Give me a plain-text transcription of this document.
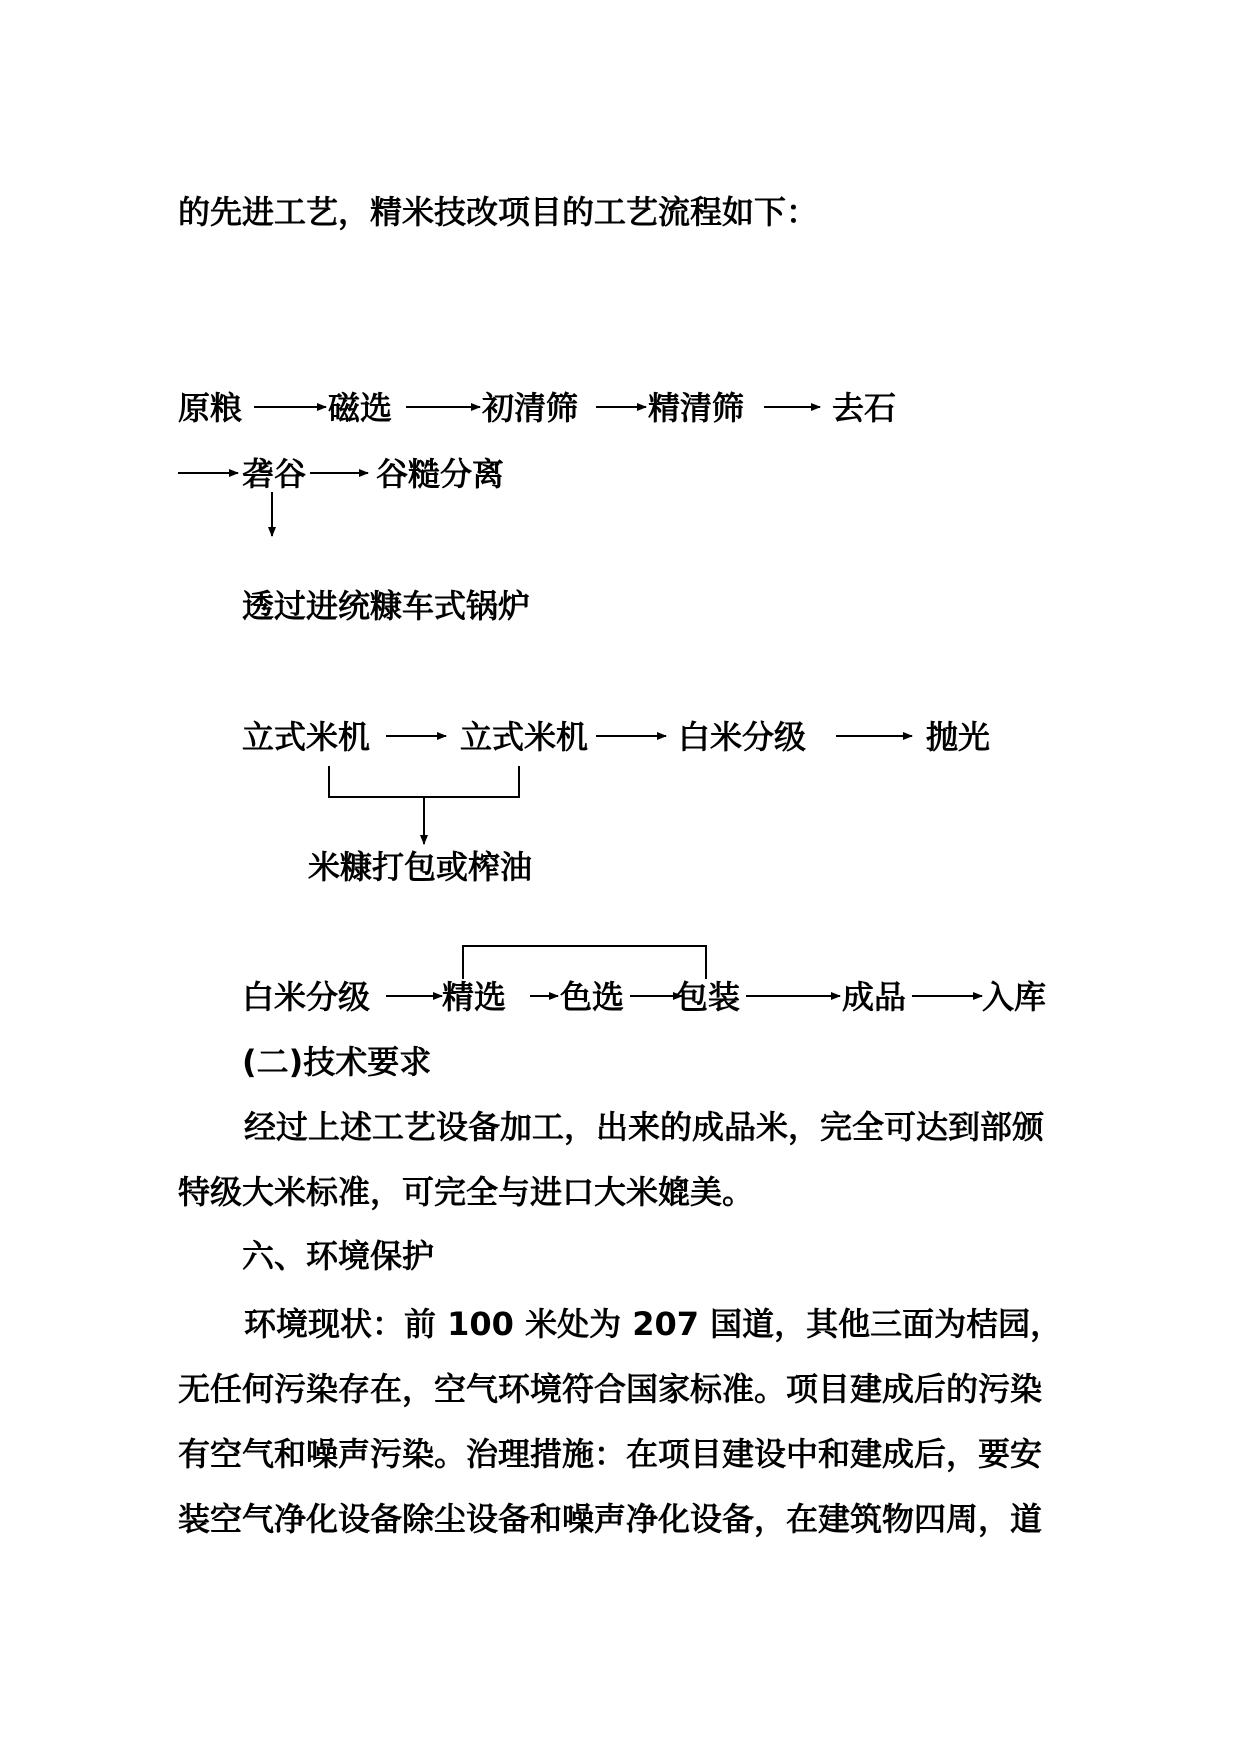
的先进工艺，精米技改项目的工艺流程如下：
原粮	磁选	初清筛 精清筛	去石
砻谷 谷糙分离
透过进统糠车式锅炉
立式米机	立式米机	白米分级	抛光
米糠打包或榨油
白米分级 精选 色选 包装	成品 入库
(二)技术要求
经过上述工艺设备加工，出来的成品米，完全可达到部颁
特级大米标准，可完全与进口大米媲美。
六、环境保护
环境现状：前 100 米处为 207 国道，其他三面为桔园，
无任何污染存在，空气环境符合国家标准。项目建成后的污染
有空气和噪声污染。治理措施：在项目建设中和建成后，要安
装空气净化设备除尘设备和噪声净化设备，在建筑物四周，道
